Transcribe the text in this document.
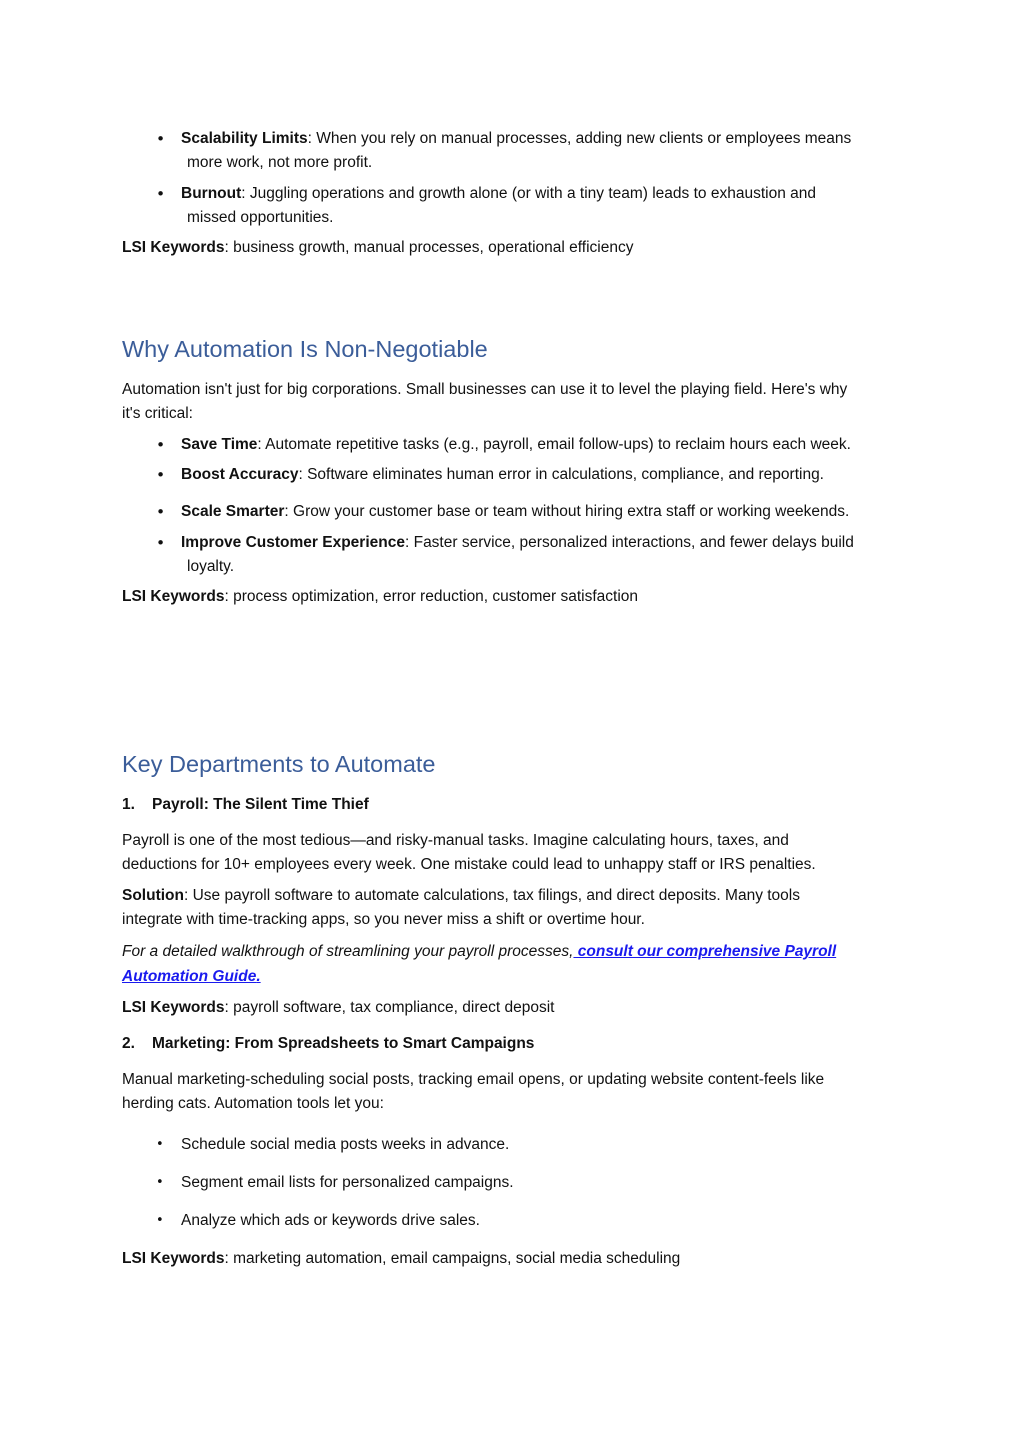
• Scalability Limits: When you rely on manual processes, adding new clients or employees means

more work, not more profit.

• Burnout: Juggling operations and growth alone (or with a tiny team) leads to exhaustion and

missed opportunities.

LSI Keywords: business growth, manual processes, operational efficiency

Why Automation Is Non-Negotiable

Automation isn't just for big corporations. Small businesses can use it to level the playing field. Here's why

it's critical:

• Save Time: Automate repetitive tasks (e.g., payroll, email follow-ups) to reclaim hours each week.

• Boost Accuracy: Software eliminates human error in calculations, compliance, and reporting.

• Scale Smarter: Grow your customer base or team without hiring extra staff or working weekends.

• Improve Customer Experience: Faster service, personalized interactions, and fewer delays build

loyalty.

LSI Keywords: process optimization, error reduction, customer satisfaction

Key Departments to Automate
1. Payroll: The Silent Time Thief

Payroll is one of the most tedious—and risky-manual tasks. Imagine calculating hours, taxes, and

deductions for 10+ employees every week. One mistake could lead to unhappy staff or IRS penalties.

Solution: Use payroll software to automate calculations, tax filings, and direct deposits. Many tools

integrate with time-tracking apps, so you never miss a shift or overtime hour.

For a detailed walkthrough of streamlining your payroll processes, consult our comprehensive Payroll

Automation Guide.

LSI Keywords: payroll software, tax compliance, direct deposit

2. Marketing: From Spreadsheets to Smart Campaigns

Manual marketing-scheduling social posts, tracking email opens, or updating website content-feels like

herding cats. Automation tools let you:

• Schedule social media posts weeks in advance.

• Segment email lists for personalized campaigns.

• Analyze which ads or keywords drive sales.

LSI Keywords: marketing automation, email campaigns, social media scheduling
